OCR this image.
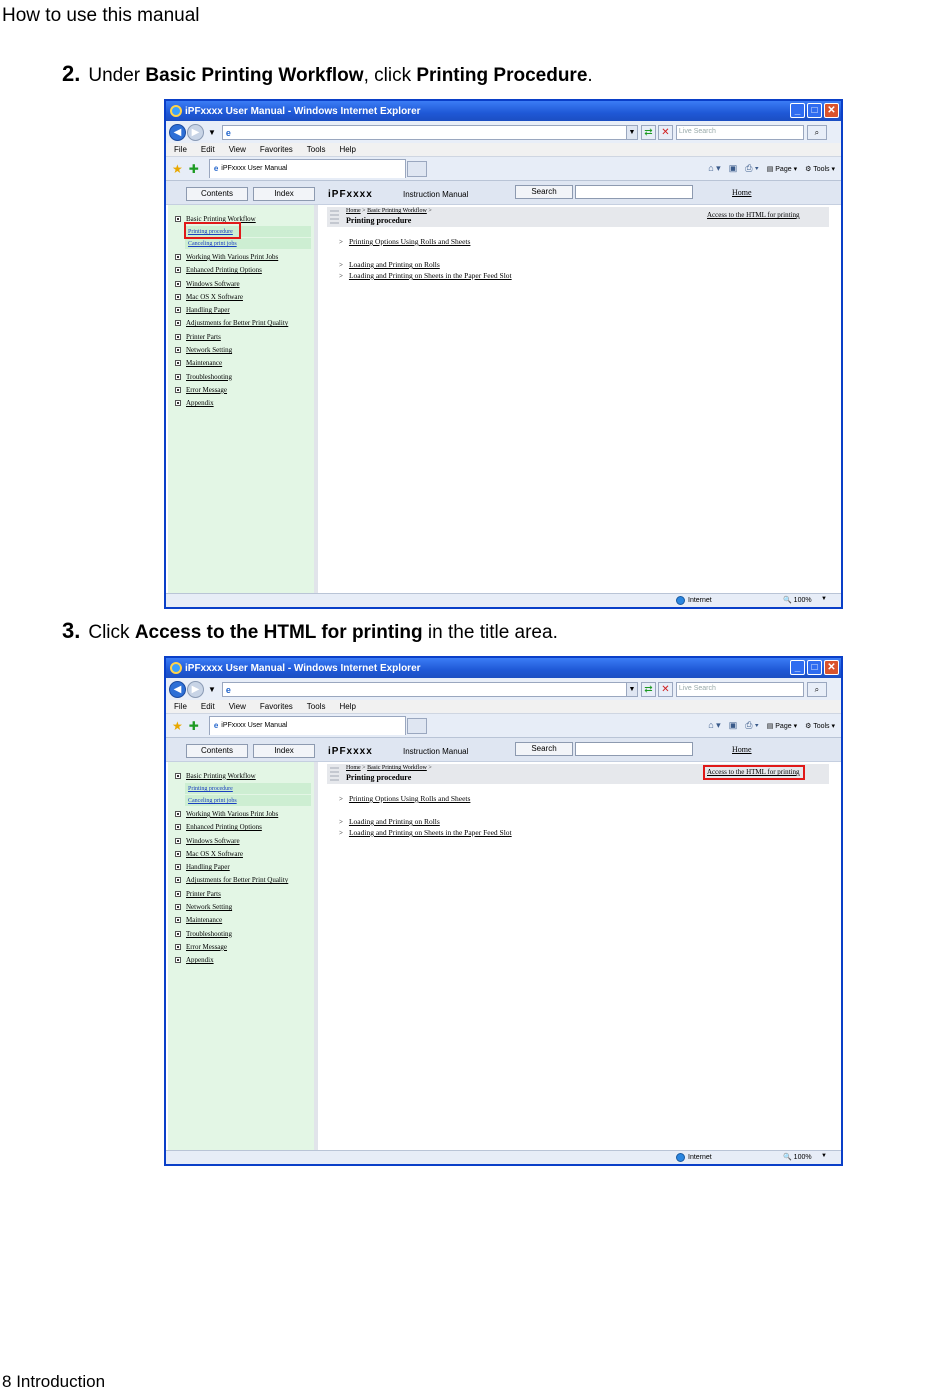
How to use this manual
2. Under Basic Printing Workflow, click Printing Procedure.
3. Click Access to the HTML for printing in the title area.
iPFxxxx User Manual - Windows Internet Explorer	_	□ ✕
◀	▶	▼ e	▼ ⇄ ✕	Live Search	⌕
File Edit View Favorites Tools Help
★ ✚ e iPFxxxx User Manual	⌂ ▾ ▣ ⎙ ▾ ▤ Page ▾ ⚙ Tools ▾
Contents	Index	iPFxxxx	Instruction Manual	Search	Home
Basic Printing Workflow
Printing procedure
Canceling print jobs
Working With Various Print Jobs
Enhanced Printing Options
Windows Software
Mac OS X Software
Handling Paper
Adjustments for Better Print Quality
Printer Parts
Network Setting
Maintenance
Troubleshooting
Error Message
Appendix
Home > Basic Printing Workflow >
Printing procedure
Access to the HTML for printing
> Printing Options Using Rolls and Sheets
> Loading and Printing on Rolls
> Loading and Printing on Sheets in the Paper Feed Slot
Internet	🔍 100% ▼
iPFxxxx User Manual - Windows Internet Explorer	_	□ ✕
◀	▶	▼ e	▼ ⇄ ✕	Live Search	⌕
File Edit View Favorites Tools Help
★ ✚ e iPFxxxx User Manual	⌂ ▾ ▣ ⎙ ▾ ▤ Page ▾ ⚙ Tools ▾
Contents	Index	iPFxxxx	Instruction Manual	Search	Home
Basic Printing Workflow
Printing procedure
Canceling print jobs
Working With Various Print Jobs
Enhanced Printing Options
Windows Software
Mac OS X Software
Handling Paper
Adjustments for Better Print Quality
Printer Parts
Network Setting
Maintenance
Troubleshooting
Error Message
Appendix
Home > Basic Printing Workflow >
Printing procedure
Access to the HTML for printing
> Printing Options Using Rolls and Sheets
> Loading and Printing on Rolls
> Loading and Printing on Sheets in the Paper Feed Slot
Internet	🔍 100% ▼
8 Introduction
